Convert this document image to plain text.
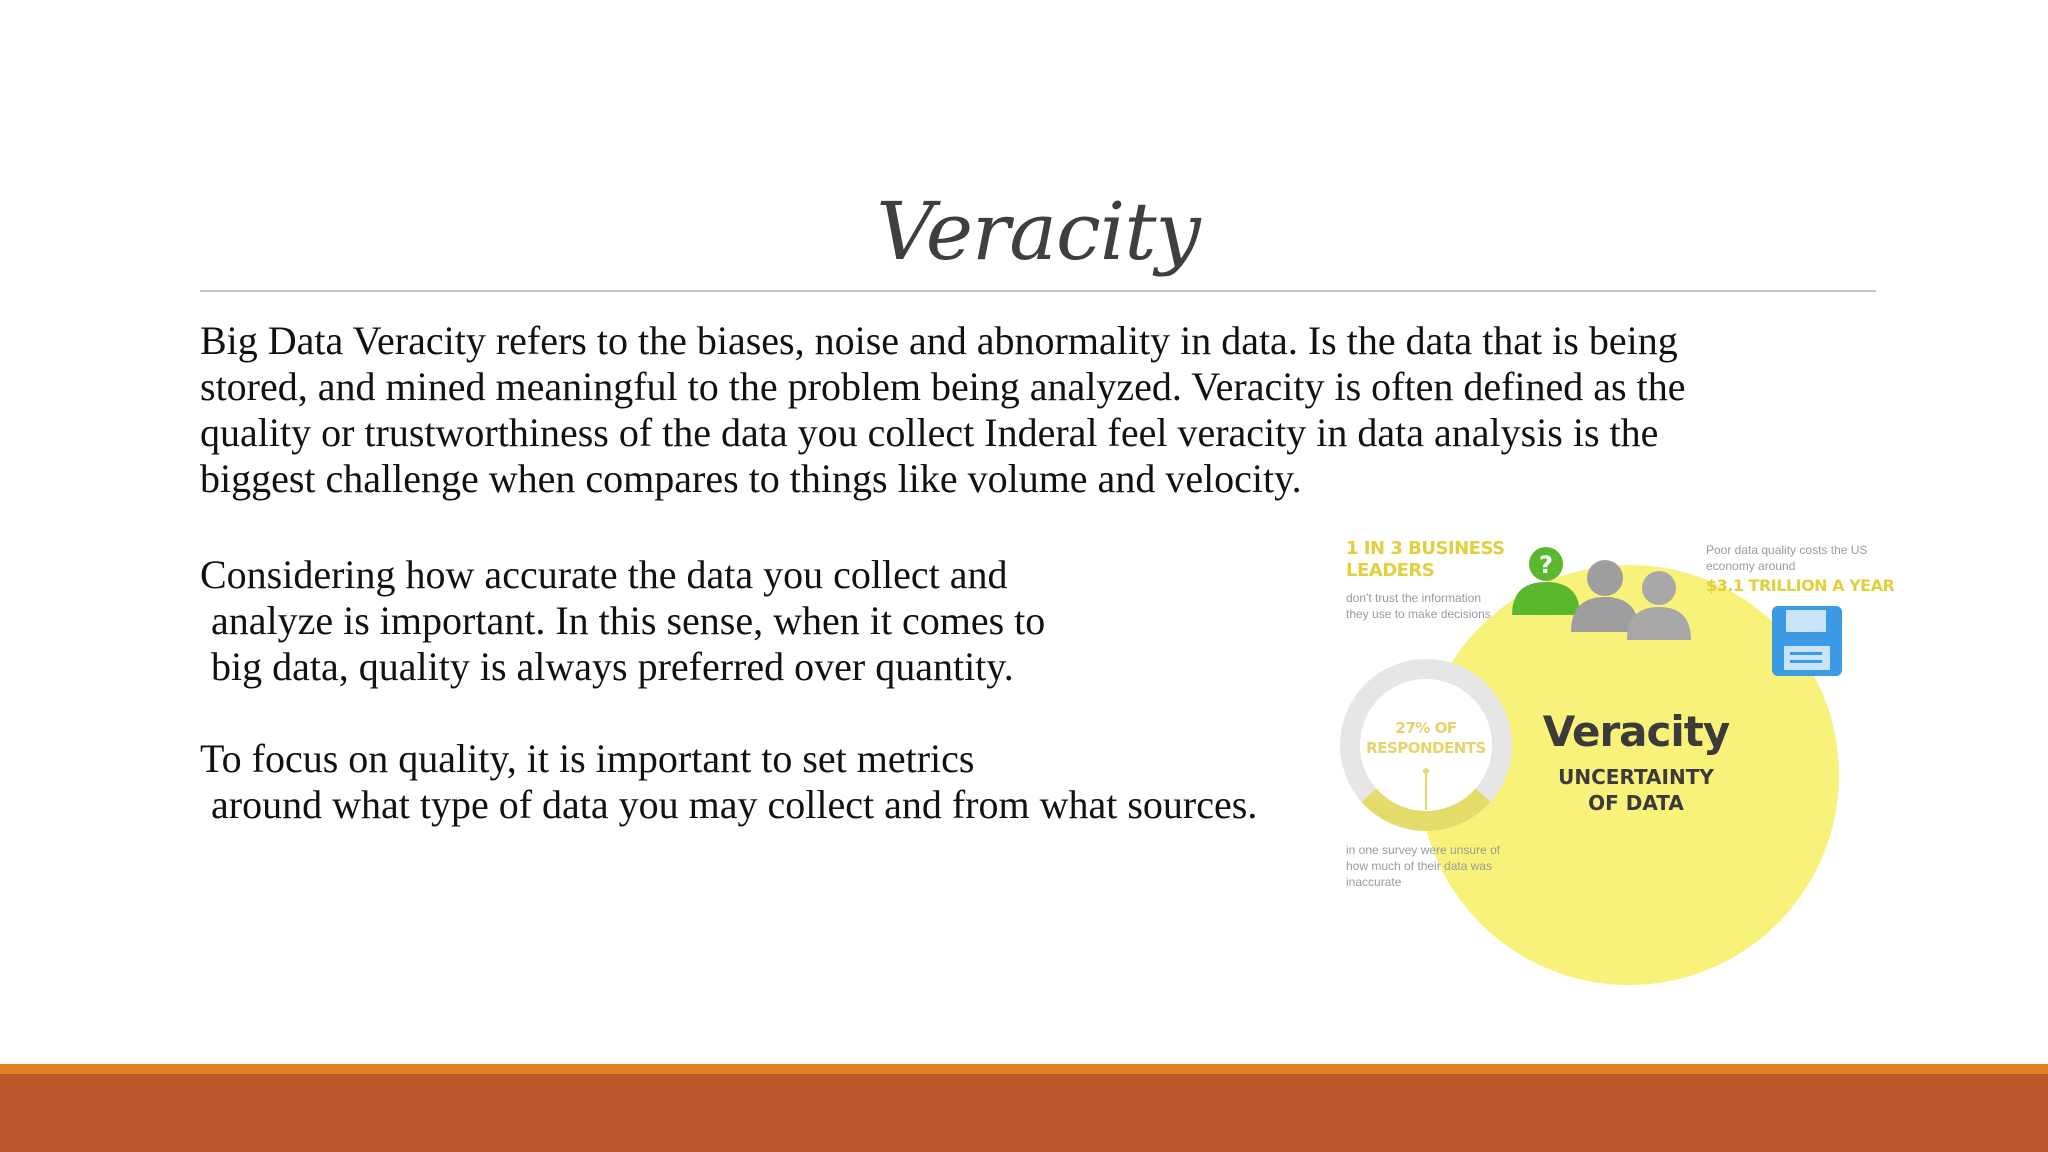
Veracity

Big Data Veracity refers to the biases, noise and abnormality in data. Is the data that is being
stored, and mined meaningful to the problem being analyzed. Veracity is often defined as the
quality or trustworthiness of the data you collect Inderal feel veracity in data analysis is the
biggest challenge when compares to things like volume and velocity.

Considering how accurate the data you collect and
analyze is important. In this sense, when it comes to
big data, quality is always preferred over quantity.

To focus on quality, it is important to set metrics
around what type of data you may collect and from what sources.

?
1 IN 3 BUSINESS
LEADERS
don't trust the information
they use to make decisions
Poor data quality costs the US
economy around
$3.1 TRILLION A YEAR
27% OF
RESPONDENTS
in one survey were unsure of
how much of their data was
inaccurate
Veracity
UNCERTAINTY
OF DATA
